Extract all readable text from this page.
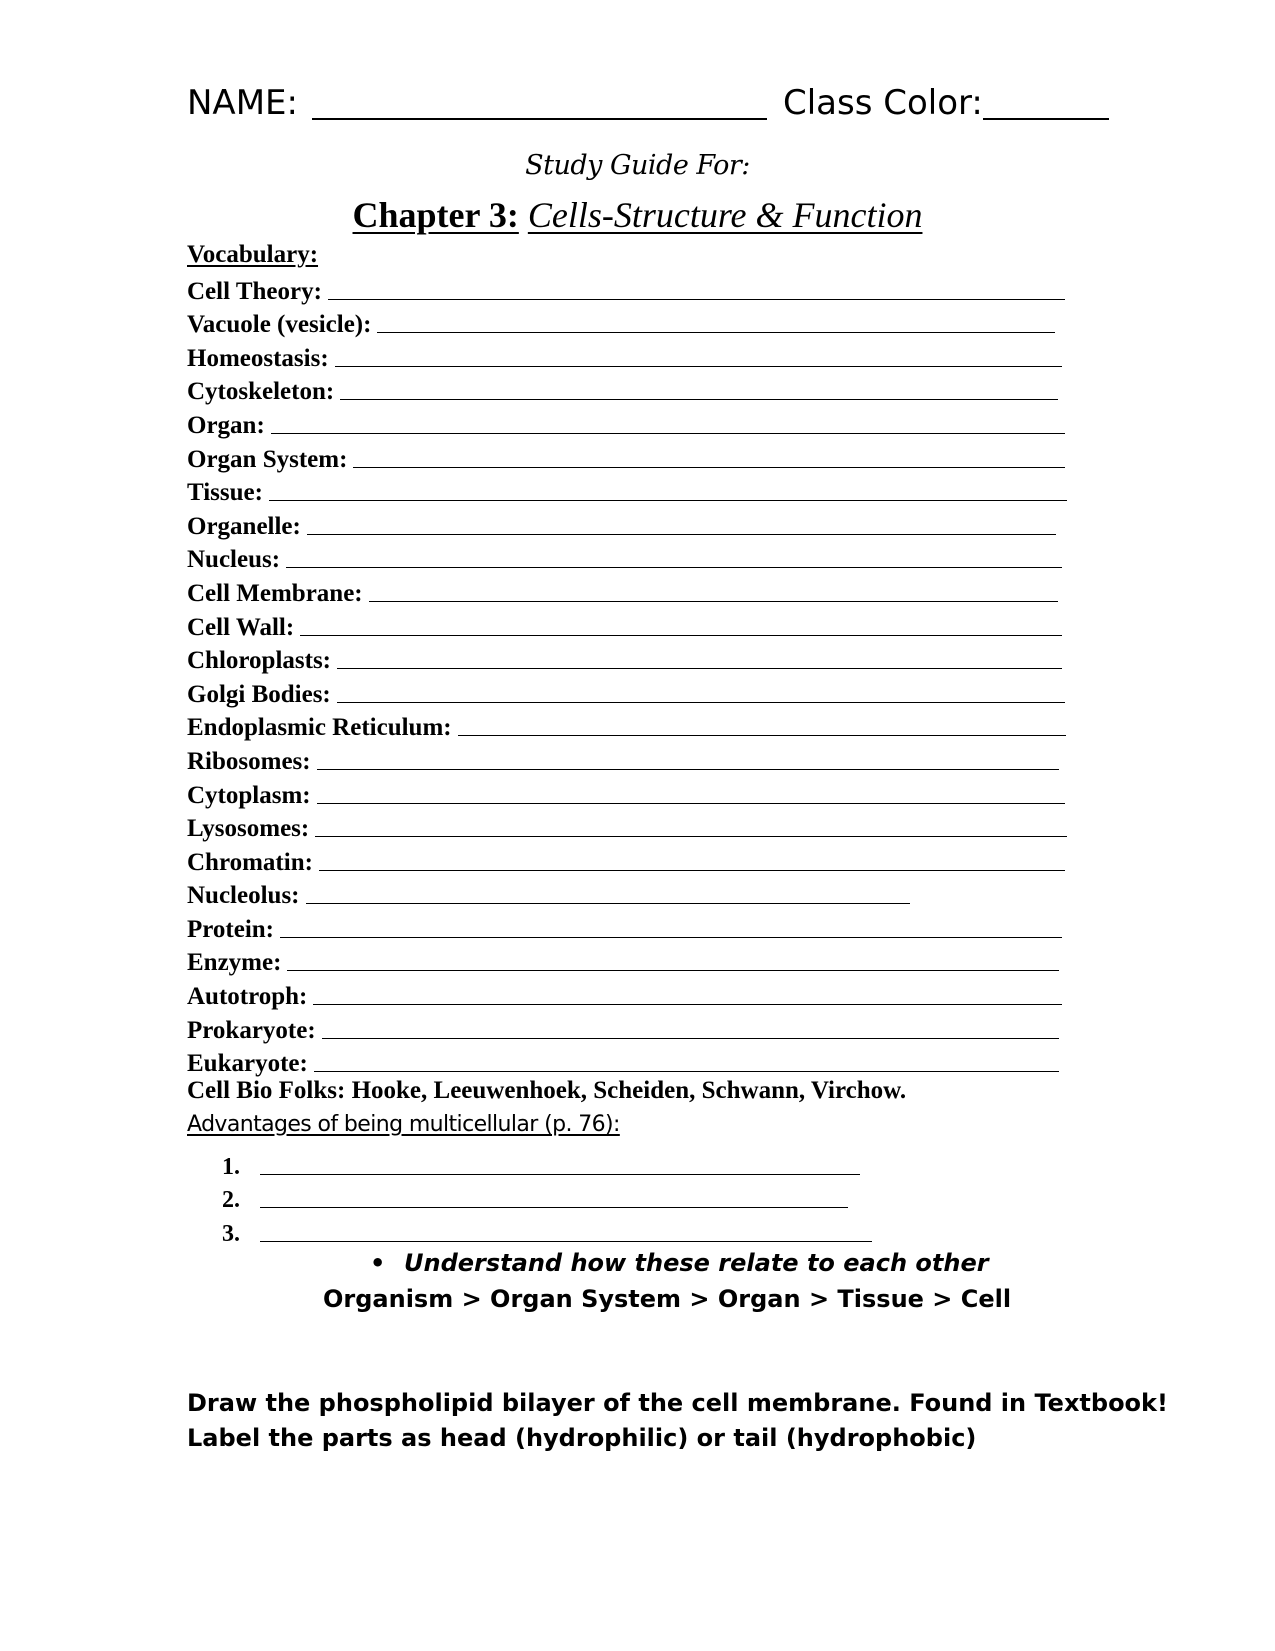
NAME:	Class Color:
Study Guide For:
Chapter 3: Cells-Structure & Function
Vocabulary:
Cell Theory:
Vacuole (vesicle):
Homeostasis:
Cytoskeleton:
Organ:
Organ System:
Tissue:
Organelle:
Nucleus:
Cell Membrane:
Cell Wall:
Chloroplasts:
Golgi Bodies:
Endoplasmic Reticulum:
Ribosomes:
Cytoplasm:
Lysosomes:
Chromatin:
Nucleolus:
Protein:
Enzyme:
Autotroph:
Prokaryote:
Eukaryote:
Cell Bio Folks: Hooke, Leeuwenhoek, Scheiden, Schwann, Virchow.
Advantages of being multicellular (p. 76):
1.
2.
3.
• Understand how these relate to each other
Organism > Organ System > Organ > Tissue > Cell
Draw the phospholipid bilayer of the cell membrane. Found in Textbook!
Label the parts as head (hydrophilic) or tail (hydrophobic)
